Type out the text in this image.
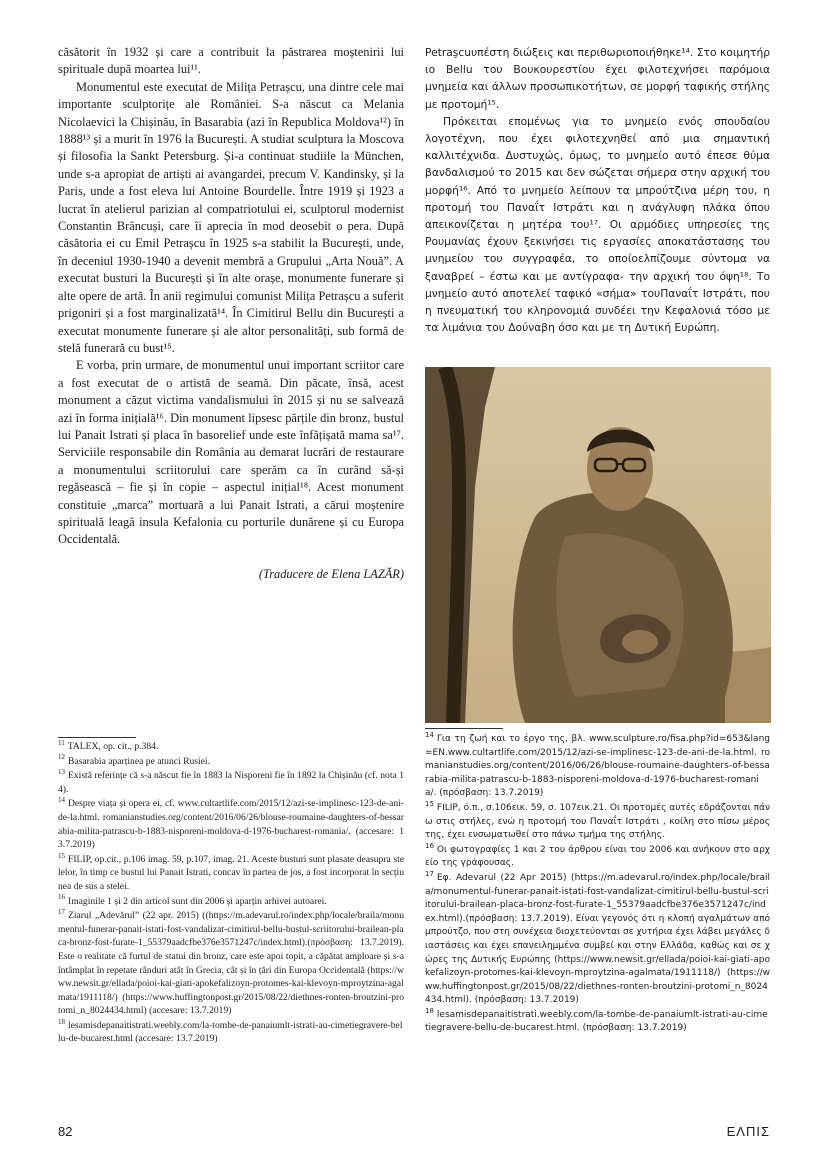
căsătorit în 1932 și care a contribuit la păstrarea moștenirii lui spirituale după moartea lui¹¹.

Monumentul este executat de Milița Petrașcu, una dintre cele mai importante sculptorițe ale României. S-a născut ca Melania Nicolaevici la Chișinău, în Basarabia (azi în Republica Moldova¹²) în 1888¹³ și a murit în 1976 la București. A studiat sculptura la Moscova și filosofia la Sankt Petersburg. Și-a continuat studiile la München, unde s-a apropiat de artiști ai avangardei, precum V. Kandinsky, și la Paris, unde a fost eleva lui Antoine Bourdelle. Între 1919 și 1923 a lucrat în atelierul parizian al compatriotului ei, sculptorul modernist Constantin Brâncuși, care îi aprecia în mod deosebit o pera. După căsătoria ei cu Emil Petrașcu în 1925 s-a stabilit la București, unde, în deceniul 1930-1940 a devenit membră a Grupului „Arta Nouă”. A executat busturi la București și în alte orașe, monumente funerare și alte opere de artă. În anii regimului comunist Milița Petrașcu a suferit prigoniri și a fost marginalizată¹⁴. În Cimitirul Bellu din București a executat monumente funerare și ale altor personalități, sub formă de stelă funerară cu bust¹⁵.

E vorba, prin urmare, de monumentul unui important scriitor care a fost executat de o artistă de seamă. Din păcate, însă, acest monument a căzut victima vandalismului în 2015 și nu se salvează azi în forma inițială¹⁶. Din monument lipsesc părțile din bronz, bustul lui Panait Istrati și placa în basorelief unde este înfățișată mama sa¹⁷. Serviciile responsabile din România au demarat lucrări de restaurare a monumentului scriitorului care sperăm ca în curând să-și regăsească – fie și în copie – aspectul inițial¹⁸. Acest monument constituie „marca” mortuară a lui Panait Istrati, a cărui moștenire spirituală leagă insula Kefalonia cu porturile dunărene și cu Europa Occidentală.

(Traducere de Elena LAZĂR)

Petraşcuυπέστη διώξεις και περιθωριοποιήθηκε¹⁴. Στο κοιμητήρ ιο Bellu του Βουκουρεστίου έχει φιλοτεχνήσει παρόμοια μνημεία και άλλων προσωπικοτήτων, σε μορφή ταφικής στήλης με προτομή¹⁵.

Πρόκειται επομένως για το μνημείο ενός σπουδαίου λογοτέχνη, που έχει φιλοτεχνηθεί από μια σημαντική καλλιτέχνιδα. Δυστυχώς, όμως, το μνημείο αυτό έπεσε θύμα βανδαλισμού το 2015 και δεν σώζεται σήμερα στην αρχική του μορφή¹⁶. Από το μνημείο λείπουν τα μπρούτζινα μέρη του, η προτομή του Παναΐτ Ιστράτι και η ανάγλυφη πλάκα όπου απεικονίζεται η μητέρα του¹⁷. Οι αρμόδιες υπηρεσίες της Ρουμανίας έχουν ξεκινήσει τις εργασίες αποκατάστασης του μνημείου του συγγραφέα, το οποίοελπίζουμε σύντομα να ξαναβρεί – έστω και με αντίγραφα- την αρχική του όψη¹⁸. Το μνημείο αυτό αποτελεί ταφικό «σήμα» τουΠαναΐτ Ιστράτι, που η πνευματική του κληρονομιά συνδέει την Κεφαλονιά τόσο με τα λιμάνια του Δούναβη όσο και με τη Δυτική Ευρώπη.

$^{11}$ TALEX, op. cit., p.384.

$^{12}$ Basarabia aparținea pe atunci Rusiei.

$^{13}$ Există referințe că s-a născut fie în 1883 la Nisporeni fie în 1892 la Chișinău (cf. nota 14).

$^{14}$ Despre viața și opera ei, cf. www.cultartlife.com/2015/12/azi-se-implinesc-123-de-ani-de-la.html. romanianstudies.org/content/2016/06/26/blouse-roumaine-daughters-of-bessarabia-milita-patrascu-b-1883-nisporeni-moldova-d-1976-bucharest-romania/. (accesare: 13.7.2019)

$^{15}$ FILIP, op.cit., p.106 imag. 59, p.107, imag. 21. Aceste busturi sunt plasate deasupra stelelor, în timp ce bustul lui Panait Istrati, concav în partea de jos, a fost incorporat în secțiunea de sus a stelei.

$^{16}$ Imaginile 1 și 2 din articol sunt din 2006 și aparțin arhivei autoarei.

$^{17}$ Ziarul „Adevărul” (22 apr. 2015) ((https://m.adevarul.ro/index.php/locale/braila/monumentul-funerar-panait-istati-fost-vandalizat-cimitirul-bellu-bustul-scriitorului-brailean-placa-bronz-fost-furate-1_55379aadcfbe376e3571247c/index.html).(πρόσβαση: 13.7.2019). Este o realitate că furtul de statui din bronz, care este apoi topit, a căpătat amploare și s-a întâmplat în repetate rânduri atât în Grecia, cât și în țări din Europa Occidentală (https://www.newsit.gr/ellada/poioi-kai-giati-apokefalizoyn-protomes-kai-klevoyn-mproytzina-agalmata/1911118/) (https://www.huffingtonpost.gr/2015/08/22/diethnes-ronten-broutzini-protomi_n_8024434.html) (accesare: 13.7.2019)

$^{18}$ lesamisdepanaitistrati.weebly.com/la-tombe-de-panaiumlt-istrati-au-cimetiegravere-bellu-de-bucarest.html (accesare: 13.7.2019)

$^{14}$ Για τη ζωή και το έργο της, βλ. www.sculpture.ro/fisa.php?id=653&lang=EN.www.cultartlife.com/2015/12/azi-se-implinesc-123-de-ani-de-la.html. romanianstudies.org/content/2016/06/26/blouse-roumaine-daughters-of-bessarabia-milita-patrascu-b-1883-nisporeni-moldova-d-1976-bucharest-romania/. (πρόσβαση: 13.7.2019)

$^{15}$ FILIP, ό.π., σ.106εικ. 59, σ. 107εικ.21. Οι προτομές αυτές εδράζονται πάνω στις στήλες, ενώ η προτομή του Παναΐτ Ιστράτι , κοίλη στο πίσω μέρος της, έχει ενσωματωθεί στο πάνω τμήμα της στήλης.

$^{16}$ Οι φωτογραφίες 1 και 2 του άρθρου είναι του 2006 και ανήκουν στο αρχείο της γράφουσας.

$^{17}$ Εφ. Adevarul (22 Apr 2015) (https://m.adevarul.ro/index.php/locale/braila/monumentul-funerar-panait-istati-fost-vandalizat-cimitirul-bellu-bustul-scriitorului-brailean-placa-bronz-fost-furate-1_55379aadcfbe376e3571247c/index.html).(πρόσβαση: 13.7.2019). Είναι γεγονός ότι η κλοπή αγαλμάτων από μπρούτζο, που στη συνέχεια διοχετεύονται σε χυτήρια έχει λάβει μεγάλες διαστάσεις και έχει επανειλημμένα συμβεί και στην Ελλάδα, καθώς και σε χώρες της Δυτικής Ευρώπης (https://www.newsit.gr/ellada/poioi-kai-giati-apokefalizoyn-protomes-kai-klevoyn-mproytzina-agalmata/1911118/) (https://www.huffingtonpost.gr/2015/08/22/diethnes-ronten-broutzini-protomi_n_8024434.html). (πρόσβαση: 13.7.2019)

$^{18}$ lesamisdepanaitistrati.weebly.com/la-tombe-de-panaiumlt-istrati-au-cimetiegravere-bellu-de-bucarest.html. (πρόσβαση: 13.7.2019)

82	ΕΛΠΙΣ
